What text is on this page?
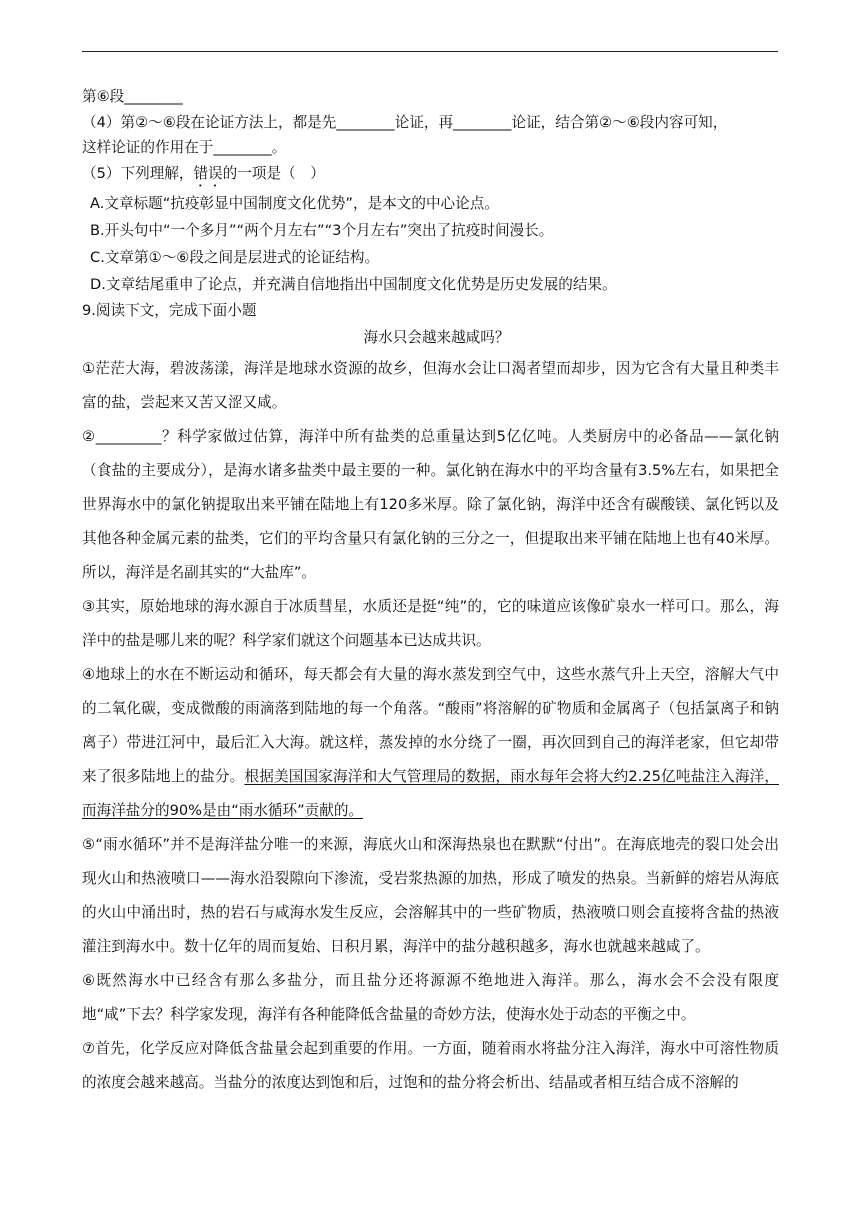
第⑥段________

（4）第②～⑥段在论证方法上，都是先________论证，再________论证，结合第②～⑥段内容可知，

这样论证的作用在于________。

（5）下列理解，错误的一项是（　）

A.文章标题“抗疫彰显中国制度文化优势”，是本文的中心论点。

B.开头句中“一个多月”“两个月左右”“3个月左右”突出了抗疫时间漫长。

C.文章第①～⑥段之间是层进式的论证结构。

D.文章结尾重申了论点，并充满自信地指出中国制度文化优势是历史发展的结果。

9.阅读下文，完成下面小题

海水只会越来越咸吗？

①茫茫大海，碧波荡漾，海洋是地球水资源的故乡，但海水会让口渴者望而却步，因为它含有大量且种类丰富的盐，尝起来又苦又涩又咸。

②_________？科学家做过估算，海洋中所有盐类的总重量达到5亿亿吨。人类厨房中的必备品——氯化钠（食盐的主要成分），是海水诸多盐类中最主要的一种。氯化钠在海水中的平均含量有3.5%左右，如果把全世界海水中的氯化钠提取出来平铺在陆地上有120多米厚。除了氯化钠，海洋中还含有碳酸镁、氯化钙以及其他各种金属元素的盐类，它们的平均含量只有氯化钠的三分之一，但提取出来平铺在陆地上也有40米厚。所以，海洋是名副其实的“大盐库”。

③其实，原始地球的海水源自于冰质彗星，水质还是挺“纯”的，它的味道应该像矿泉水一样可口。那么，海洋中的盐是哪儿来的呢？科学家们就这个问题基本已达成共识。

④地球上的水在不断运动和循环，每天都会有大量的海水蒸发到空气中，这些水蒸气升上天空，溶解大气中的二氧化碳，变成微酸的雨滴落到陆地的每一个角落。“酸雨”将溶解的矿物质和金属离子（包括氯离子和钠离子）带进江河中，最后汇入大海。就这样，蒸发掉的水分绕了一圈，再次回到自己的海洋老家，但它却带来了很多陆地上的盐分。根据美国国家海洋和大气管理局的数据，雨水每年会将大约2.25亿吨盐注入海洋，而海洋盐分的90%是由“雨水循环”贡献的。

⑤“雨水循环”并不是海洋盐分唯一的来源，海底火山和深海热泉也在默默“付出”。在海底地壳的裂口处会出现火山和热液喷口——海水沿裂隙向下渗流，受岩浆热源的加热，形成了喷发的热泉。当新鲜的熔岩从海底的火山中涌出时，热的岩石与咸海水发生反应，会溶解其中的一些矿物质，热液喷口则会直接将含盐的热液灌注到海水中。数十亿年的周而复始、日积月累，海洋中的盐分越积越多，海水也就越来越咸了。

⑥既然海水中已经含有那么多盐分，而且盐分还将源源不绝地进入海洋。那么，海水会不会没有限度地“咸”下去？科学家发现，海洋有各种能降低含盐量的奇妙方法，使海水处于动态的平衡之中。

⑦首先，化学反应对降低含盐量会起到重要的作用。一方面，随着雨水将盐分注入海洋，海水中可溶性物质的浓度会越来越高。当盐分的浓度达到饱和后，过饱和的盐分将会析出、结晶或者相互结合成不溶解的
